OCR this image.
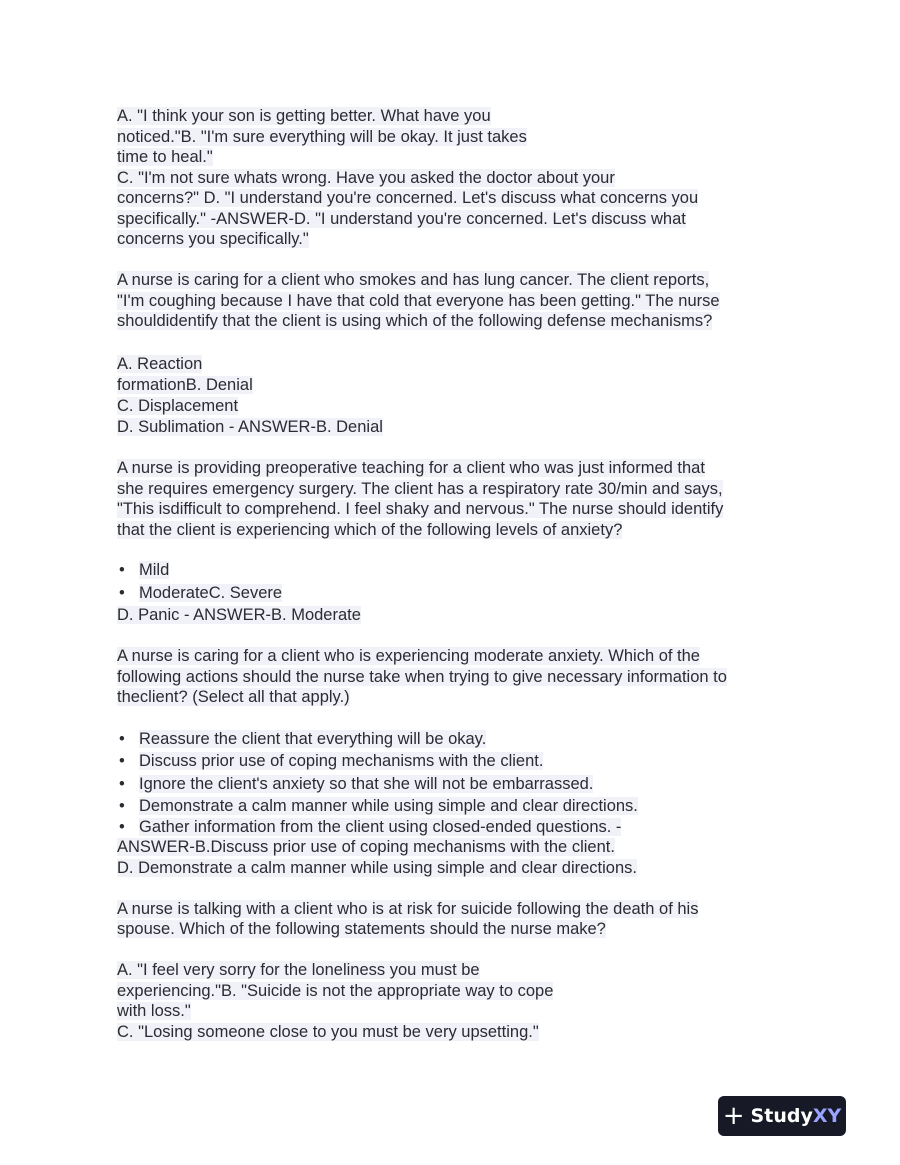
A. "I think your son is getting better. What have you
noticed."B. "I'm sure everything will be okay. It just takes
time to heal."
C. "I'm not sure whats wrong. Have you asked the doctor about your
concerns?" D. "I understand you're concerned. Let's discuss what concerns you
specifically." -ANSWER-D. "I understand you're concerned. Let's discuss what
concerns you specifically."
A nurse is caring for a client who smokes and has lung cancer. The client reports,
"I'm coughing because I have that cold that everyone has been getting." The nurse
shouldidentify that the client is using which of the following defense mechanisms?
A. Reaction
formationB. Denial
C. Displacement
D. Sublimation - ANSWER-B. Denial
A nurse is providing preoperative teaching for a client who was just informed that
she requires emergency surgery. The client has a respiratory rate 30/min and says,
"This isdifficult to comprehend. I feel shaky and nervous." The nurse should identify
that the client is experiencing which of the following levels of anxiety?
• Mild
• ModerateC. Severe
D. Panic - ANSWER-B. Moderate
A nurse is caring for a client who is experiencing moderate anxiety. Which of the
following actions should the nurse take when trying to give necessary information to
theclient? (Select all that apply.)
• Reassure the client that everything will be okay.
• Discuss prior use of coping mechanisms with the client.
• Ignore the client's anxiety so that she will not be embarrassed.
• Demonstrate a calm manner while using simple and clear directions.
• Gather information from the client using closed-ended questions. -
ANSWER-B.Discuss prior use of coping mechanisms with the client.
D. Demonstrate a calm manner while using simple and clear directions.
A nurse is talking with a client who is at risk for suicide following the death of his
spouse. Which of the following statements should the nurse make?
A. "I feel very sorry for the loneliness you must be
experiencing."B. "Suicide is not the appropriate way to cope
with loss."
C. "Losing someone close to you must be very upsetting."
+ Study XY
